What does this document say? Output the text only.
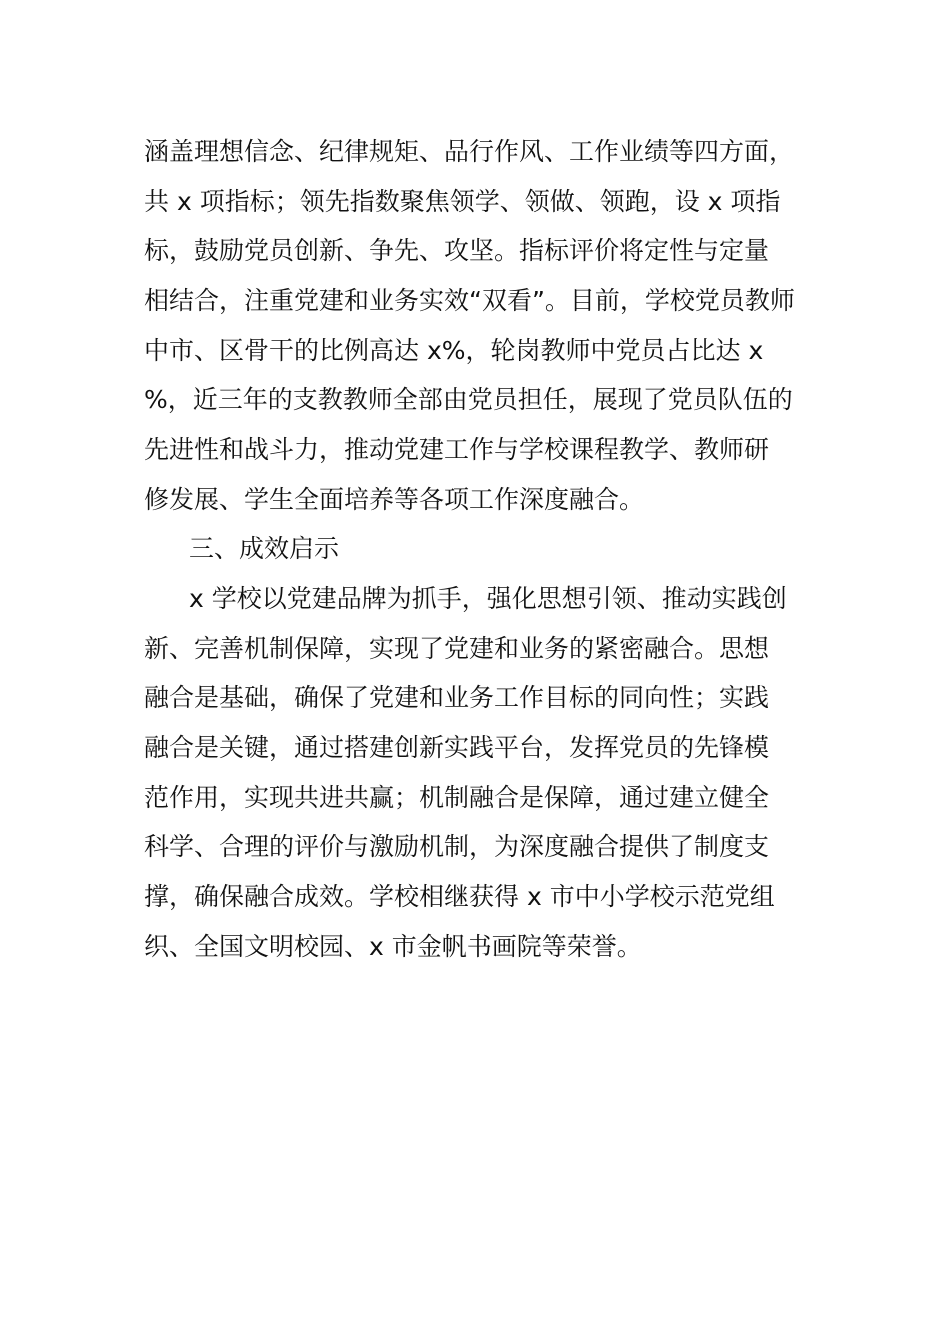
涵盖理想信念、纪律规矩、品行作风、工作业绩等四方面，
共 x 项指标；领先指数聚焦领学、领做、领跑，设 x 项指
标，鼓励党员创新、争先、攻坚。指标评价将定性与定量
相结合，注重党建和业务实效“双看”。目前，学校党员教师
中市、区骨干的比例高达 x%，轮岗教师中党员占比达 x
%，近三年的支教教师全部由党员担任，展现了党员队伍的
先进性和战斗力，推动党建工作与学校课程教学、教师研
修发展、学生全面培养等各项工作深度融合。
三、成效启示
x 学校以党建品牌为抓手，强化思想引领、推动实践创
新、完善机制保障，实现了党建和业务的紧密融合。思想
融合是基础，确保了党建和业务工作目标的同向性；实践
融合是关键，通过搭建创新实践平台，发挥党员的先锋模
范作用，实现共进共赢；机制融合是保障，通过建立健全
科学、合理的评价与激励机制，为深度融合提供了制度支
撑，确保融合成效。学校相继获得 x 市中小学校示范党组
织、全国文明校园、x 市金帆书画院等荣誉。
